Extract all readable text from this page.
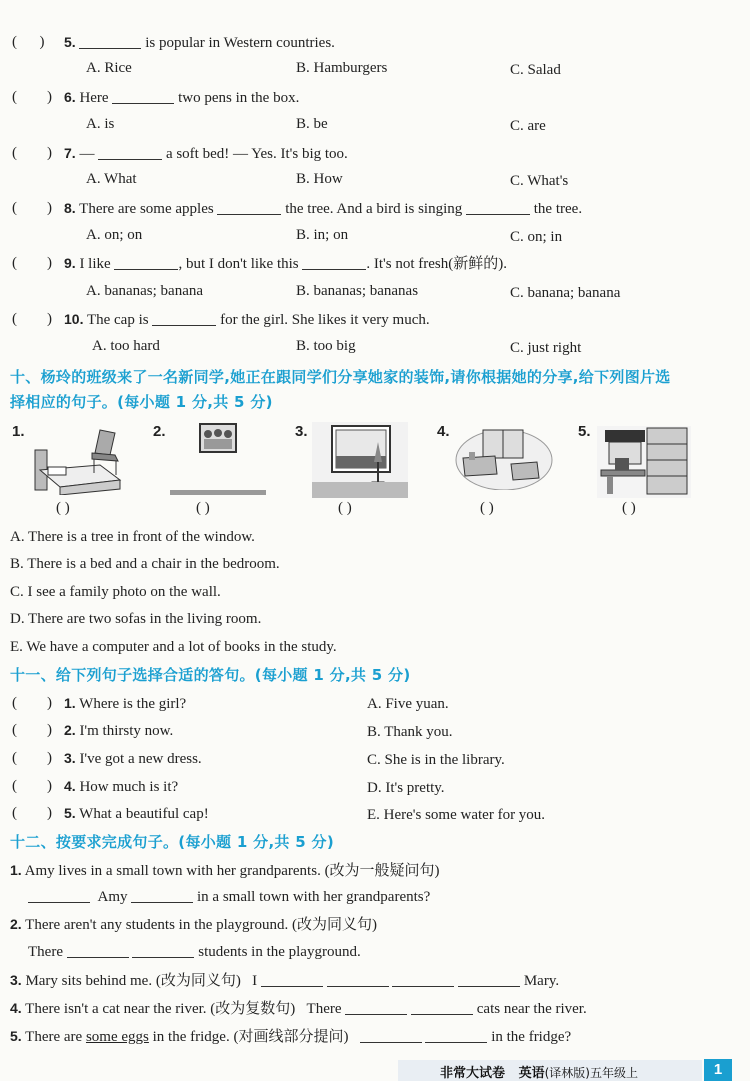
( )	5.	is popular in Western countries.
A. Rice	B. Hamburgers	C. Salad
( ) 6. Here	two pens in the box.
A. is	B. be	C. are
( ) 7. —	a soft bed! — Yes. It's big too.
A. What	B. How	C. What's
( ) 8. There are some apples	the tree. And a bird is singing	the tree.
A. on; on	B. in; on	C. on; in
( ) 9. I like	, but I don't like this	. It's not fresh(新鲜的).
A. bananas; banana	B. bananas; bananas	C. banana; banana
( ) 10. The cap is	for the girl. She likes it very much.
A. too hard	B. too big	C. just right
十、杨玲的班级来了一名新同学,她正在跟同学们分享她家的装饰,请你根据她的分享,给下列图片选
择相应的句子。(每小题 1 分,共 5 分)
1.	2.	3.	4.	5.
( )	( )	( )	( )	( )
A. There is a tree in front of the window.
B. There is a bed and a chair in the bedroom.
C. I see a family photo on the wall.
D. There are two sofas in the living room.
E. We have a computer and a lot of books in the study.
十一、给下列句子选择合适的答句。(每小题 1 分,共 5 分)
( ) 1. Where is the girl?	A. Five yuan.
( ) 2. I'm thirsty now.	B. Thank you.
( ) 3. I've got a new dress.	C. She is in the library.
( ) 4. How much is it?	D. It's pretty.
( ) 5. What a beautiful cap!	E. Here's some water for you.
十二、按要求完成句子。(每小题 1 分,共 5 分)
1. Amy lives in a small town with her grandparents. (改为一般疑问句)
Amy	in a small town with her grandparents?
2. There aren't any students in the playground. (改为同义句)
There	students in the playground.
3. Mary sits behind me. (改为同义句) I	Mary.
4. There isn't a cat near the river. (改为复数句) There	cats near the river.
5. There are some eggs in the fridge. (对画线部分提问)	in the fridge?
非常大试卷 英语(译林版)五年级上	1
